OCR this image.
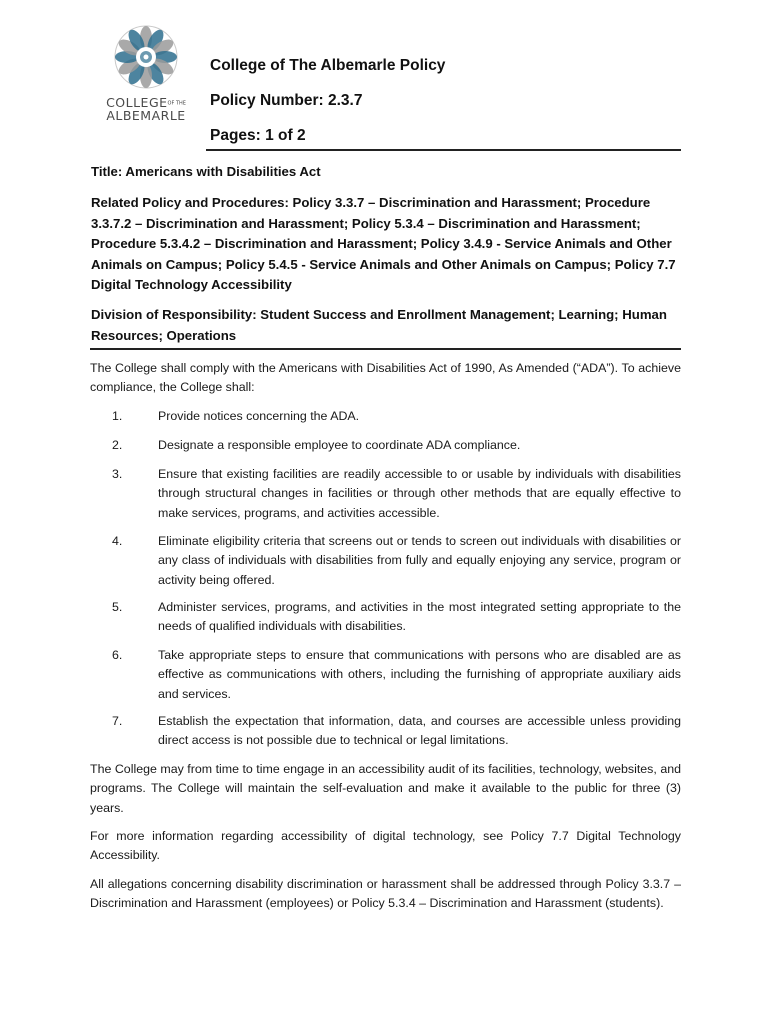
COLLEGEOF THE
ALBEMARLE
College of The Albemarle Policy
Policy Number: 2.3.7
Pages: 1 of 2
Title: Americans with Disabilities Act
Related Policy and Procedures: Policy 3.3.7 – Discrimination and Harassment; Procedure 3.3.7.2 – Discrimination and Harassment; Policy 5.3.4 – Discrimination and Harassment; Procedure 5.3.4.2 – Discrimination and Harassment; Policy 3.4.9 - Service Animals and Other Animals on Campus; Policy 5.4.5 - Service Animals and Other Animals on Campus; Policy 7.7 Digital Technology Accessibility
Division of Responsibility: Student Success and Enrollment Management; Learning; Human Resources; Operations
The College shall comply with the Americans with Disabilities Act of 1990, As Amended (“ADA”). To achieve compliance, the College shall:
1.	Provide notices concerning the ADA.
2.	Designate a responsible employee to coordinate ADA compliance.
3.	Ensure that existing facilities are readily accessible to or usable by individuals with disabilities through structural changes in facilities or through other methods that are equally effective to make services, programs, and activities accessible.
4.	Eliminate eligibility criteria that screens out or tends to screen out individuals with disabilities or any class of individuals with disabilities from fully and equally enjoying any service, program or activity being offered.
5.	Administer services, programs, and activities in the most integrated setting appropriate to the needs of qualified individuals with disabilities.
6.	Take appropriate steps to ensure that communications with persons who are disabled are as effective as communications with others, including the furnishing of appropriate auxiliary aids and services.
7.	Establish the expectation that information, data, and courses are accessible unless providing direct access is not possible due to technical or legal limitations.
The College may from time to time engage in an accessibility audit of its facilities, technology, websites, and programs. The College will maintain the self-evaluation and make it available to the public for three (3) years.
For more information regarding accessibility of digital technology, see Policy 7.7 Digital Technology Accessibility.
All allegations concerning disability discrimination or harassment shall be addressed through Policy 3.3.7 – Discrimination and Harassment (employees) or Policy 5.3.4 – Discrimination and Harassment (students).
